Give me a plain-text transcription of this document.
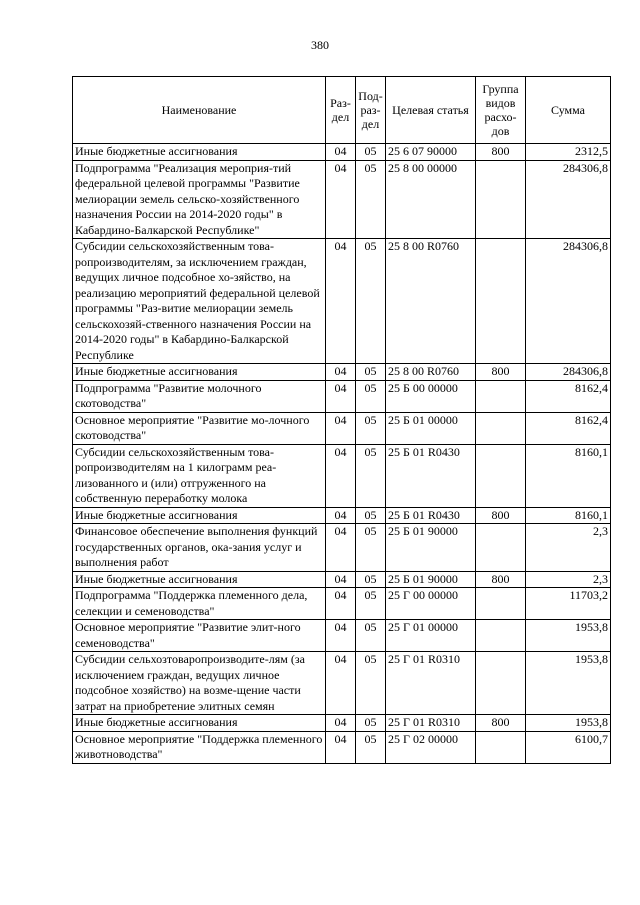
380
Наименование	Раз-дел	Под-раз-дел	Целевая статья	Группа видов расхо-дов	Сумма
Иные бюджетные ассигнования	04	05	25 6 07 90000	800	2312,5
Подпрограмма "Реализация мероприя-тий федеральной целевой программы "Развитие мелиорации земель сельско-хозяйственного назначения России на 2014-2020 годы" в Кабардино-Балкарской Республике"	04	05	25 8 00 00000		284306,8
Субсидии сельскохозяйственным това-ропроизводителям, за исключением граждан, ведущих личное подсобное хо-зяйство, на реализацию мероприятий федеральной целевой программы "Раз-витие мелиорации земель сельскохозяй-ственного назначения России на 2014-2020 годы" в Кабардино-Балкарской Республике	04	05	25 8 00 R0760		284306,8
Иные бюджетные ассигнования	04	05	25 8 00 R0760	800	284306,8
Подпрограмма "Развитие молочного скотоводства"	04	05	25 Б 00 00000		8162,4
Основное мероприятие "Развитие мо-лочного скотоводства"	04	05	25 Б 01 00000		8162,4
Субсидии сельскохозяйственным това-ропроизводителям на 1 килограмм реа-лизованного и (или) отгруженного на собственную переработку молока	04	05	25 Б 01 R0430		8160,1
Иные бюджетные ассигнования	04	05	25 Б 01 R0430	800	8160,1
Финансовое обеспечение выполнения функций государственных органов, ока-зания услуг и выполнения работ	04	05	25 Б 01 90000		2,3
Иные бюджетные ассигнования	04	05	25 Б 01 90000	800	2,3
Подпрограмма "Поддержка племенного дела, селекции и семеноводства"	04	05	25 Г 00 00000		11703,2
Основное мероприятие "Развитие элит-ного семеноводства"	04	05	25 Г 01 00000		1953,8
Субсидии сельхозтоваропроизводите-лям (за исключением граждан, ведущих личное подсобное хозяйство) на возме-щение части затрат на приобретение элитных семян	04	05	25 Г 01 R0310		1953,8
Иные бюджетные ассигнования	04	05	25 Г 01 R0310	800	1953,8
Основное мероприятие "Поддержка племенного животноводства"	04	05	25 Г 02 00000		6100,7
